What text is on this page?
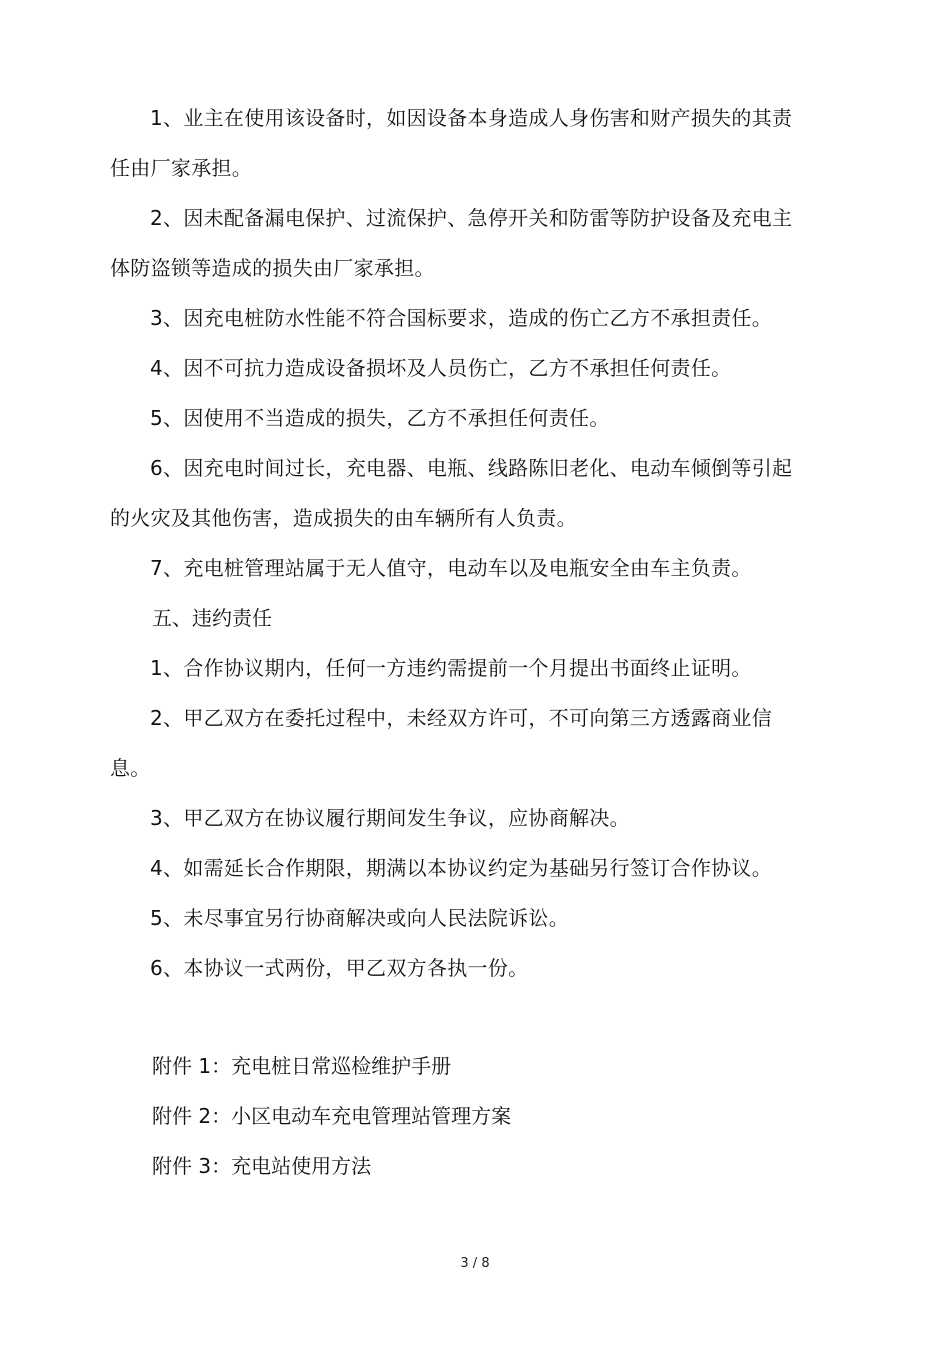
1、业主在使用该设备时，如因设备本身造成人身伤害和财产损失的其责任由厂家承担。

2、因未配备漏电保护、过流保护、急停开关和防雷等防护设备及充电主体防盗锁等造成的损失由厂家承担。

3、因充电桩防水性能不符合国标要求，造成的伤亡乙方不承担责任。

4、因不可抗力造成设备损坏及人员伤亡，乙方不承担任何责任。

5、因使用不当造成的损失，乙方不承担任何责任。

6、因充电时间过长，充电器、电瓶、线路陈旧老化、电动车倾倒等引起的火灾及其他伤害，造成损失的由车辆所有人负责。

7、充电桩管理站属于无人值守，电动车以及电瓶安全由车主负责。

五、违约责任

1、合作协议期内，任何一方违约需提前一个月提出书面终止证明。

2、甲乙双方在委托过程中，未经双方许可，不可向第三方透露商业信息。

3、甲乙双方在协议履行期间发生争议，应协商解决。

4、如需延长合作期限，期满以本协议约定为基础另行签订合作协议。

5、未尽事宜另行协商解决或向人民法院诉讼。

6、本协议一式两份，甲乙双方各执一份。

附件 1：充电桩日常巡检维护手册

附件 2：小区电动车充电管理站管理方案

附件 3：充电站使用方法

3 / 8
